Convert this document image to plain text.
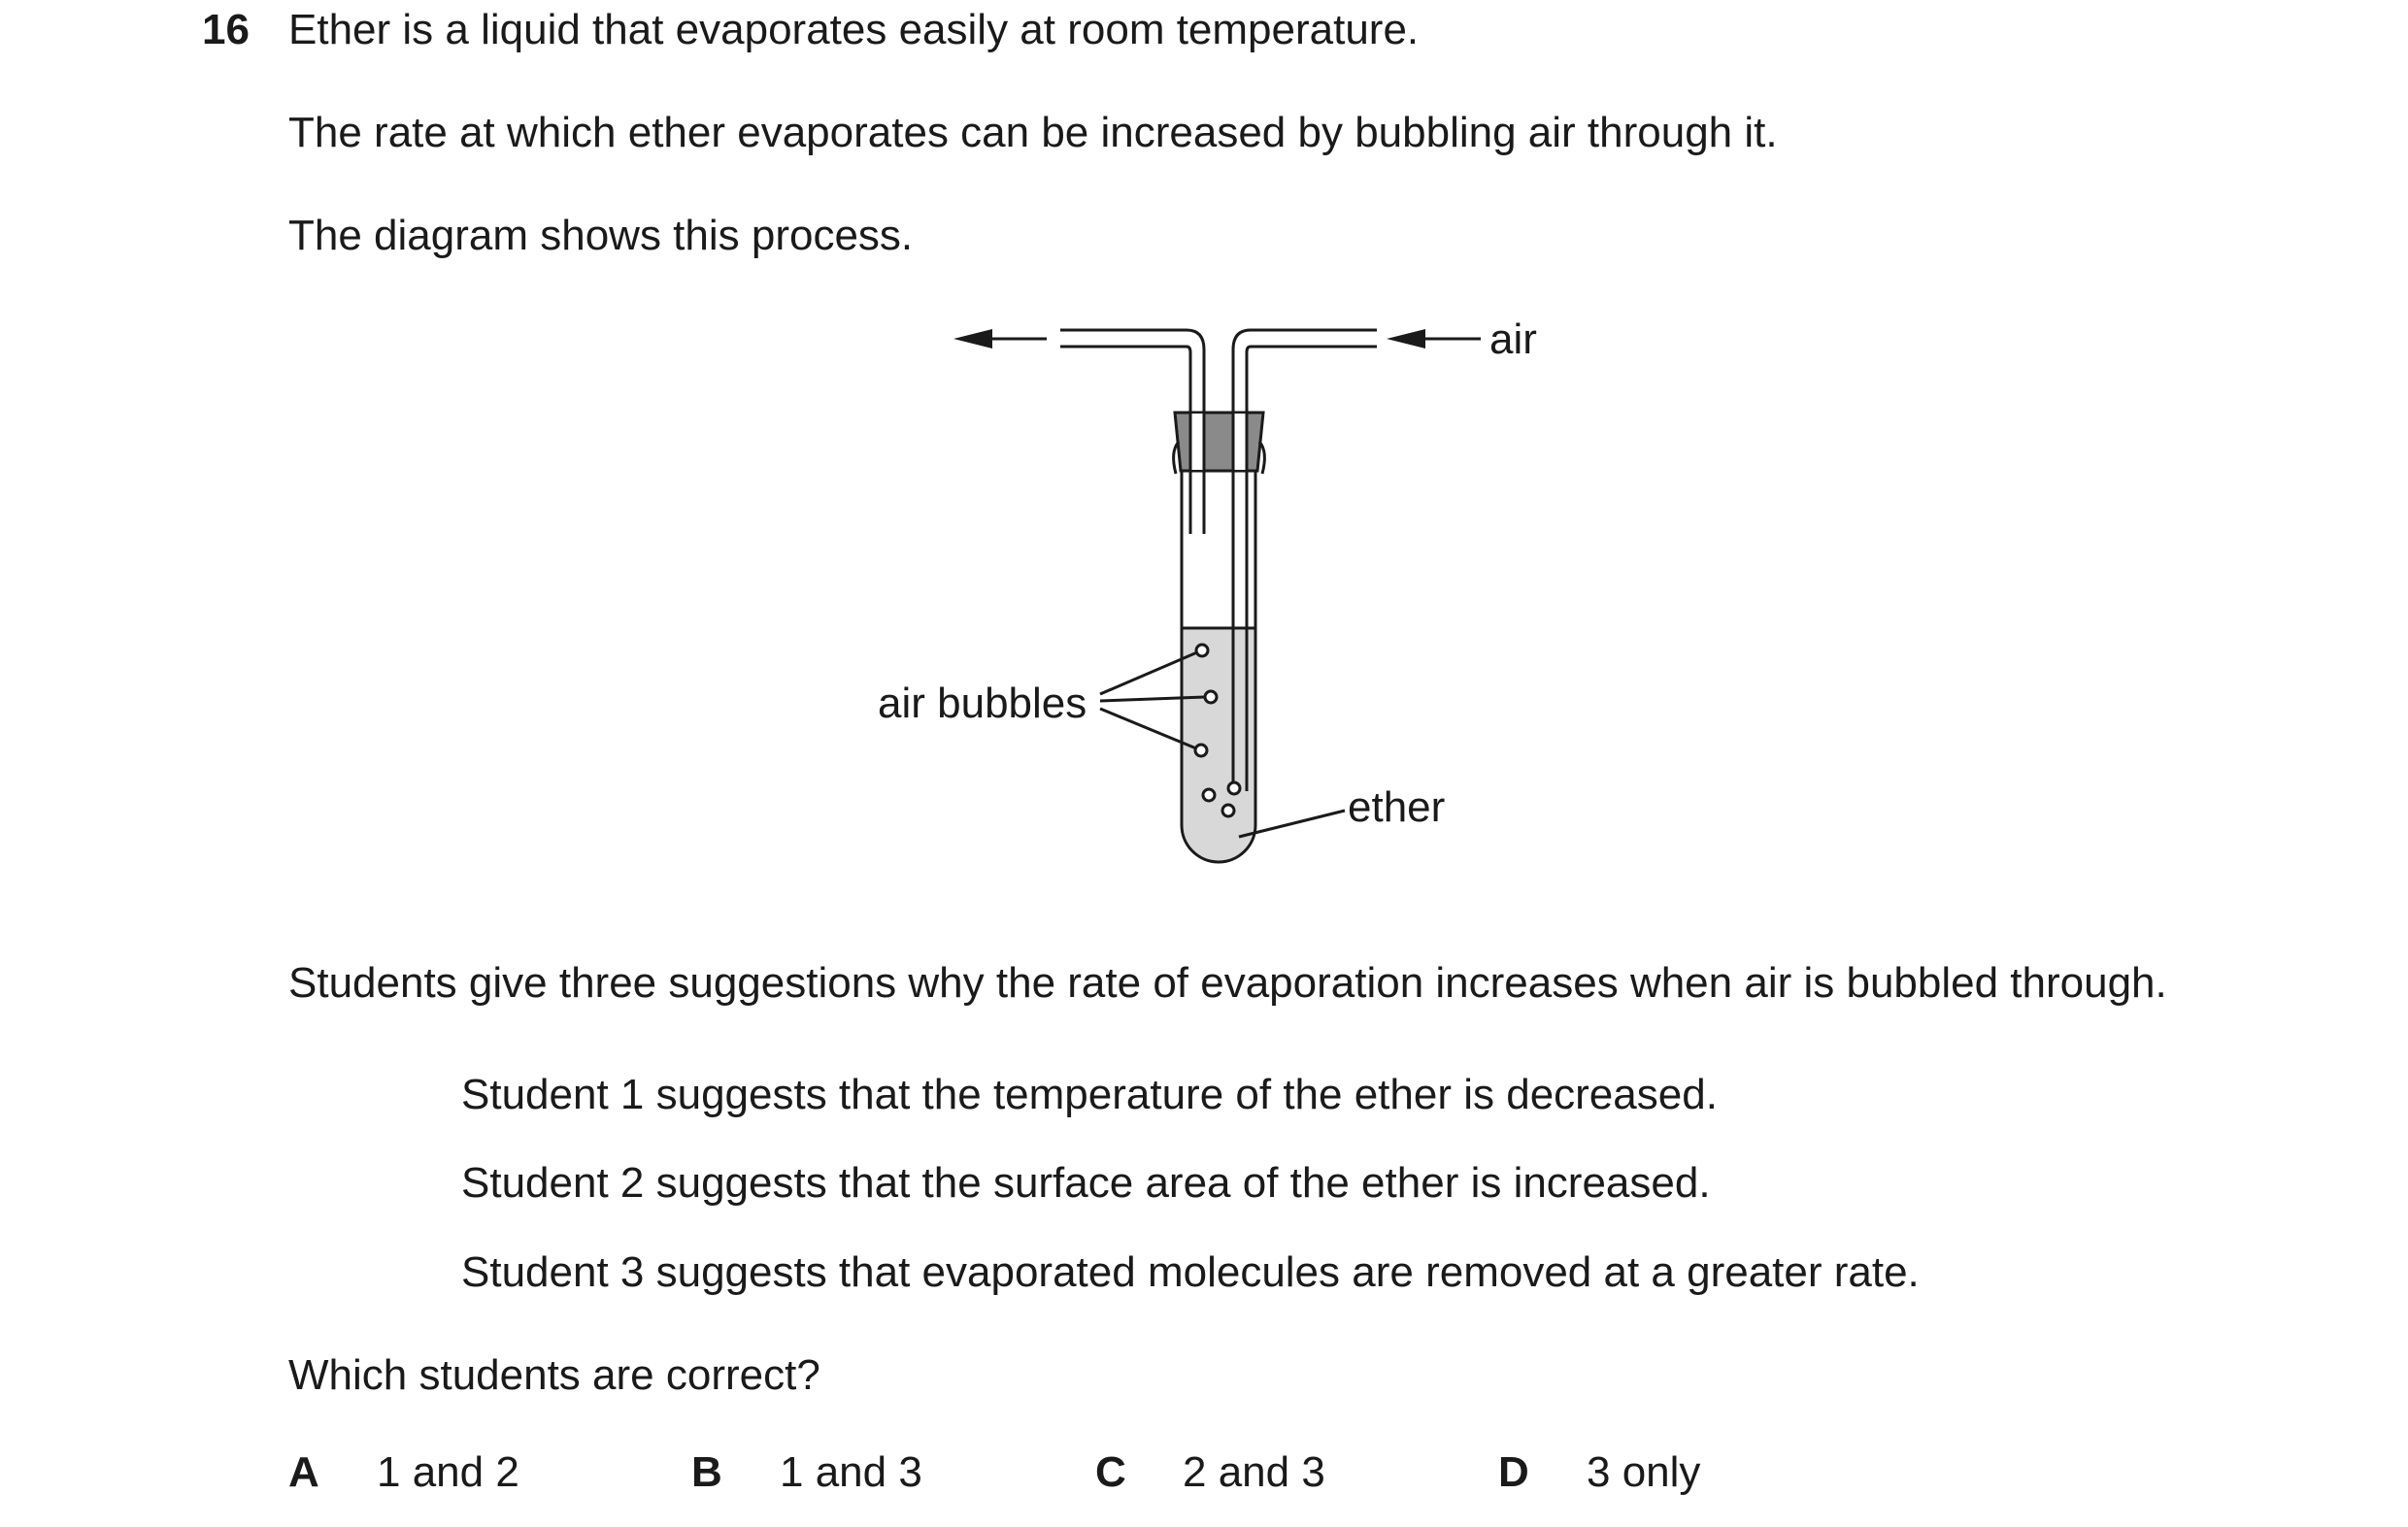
16 Ether is a liquid that evaporates easily at room temperature.

The rate at which ether evaporates can be increased by bubbling air through it.

The diagram shows this process.

air
air bubbles
ether

Students give three suggestions why the rate of evaporation increases when air is bubbled through.

Student 1 suggests that the temperature of the ether is decreased.

Student 2 suggests that the surface area of the ether is increased.

Student 3 suggests that evaporated molecules are removed at a greater rate.

Which students are correct?

A 1 and 2	B 1 and 3	C 2 and 3	D 3 only
